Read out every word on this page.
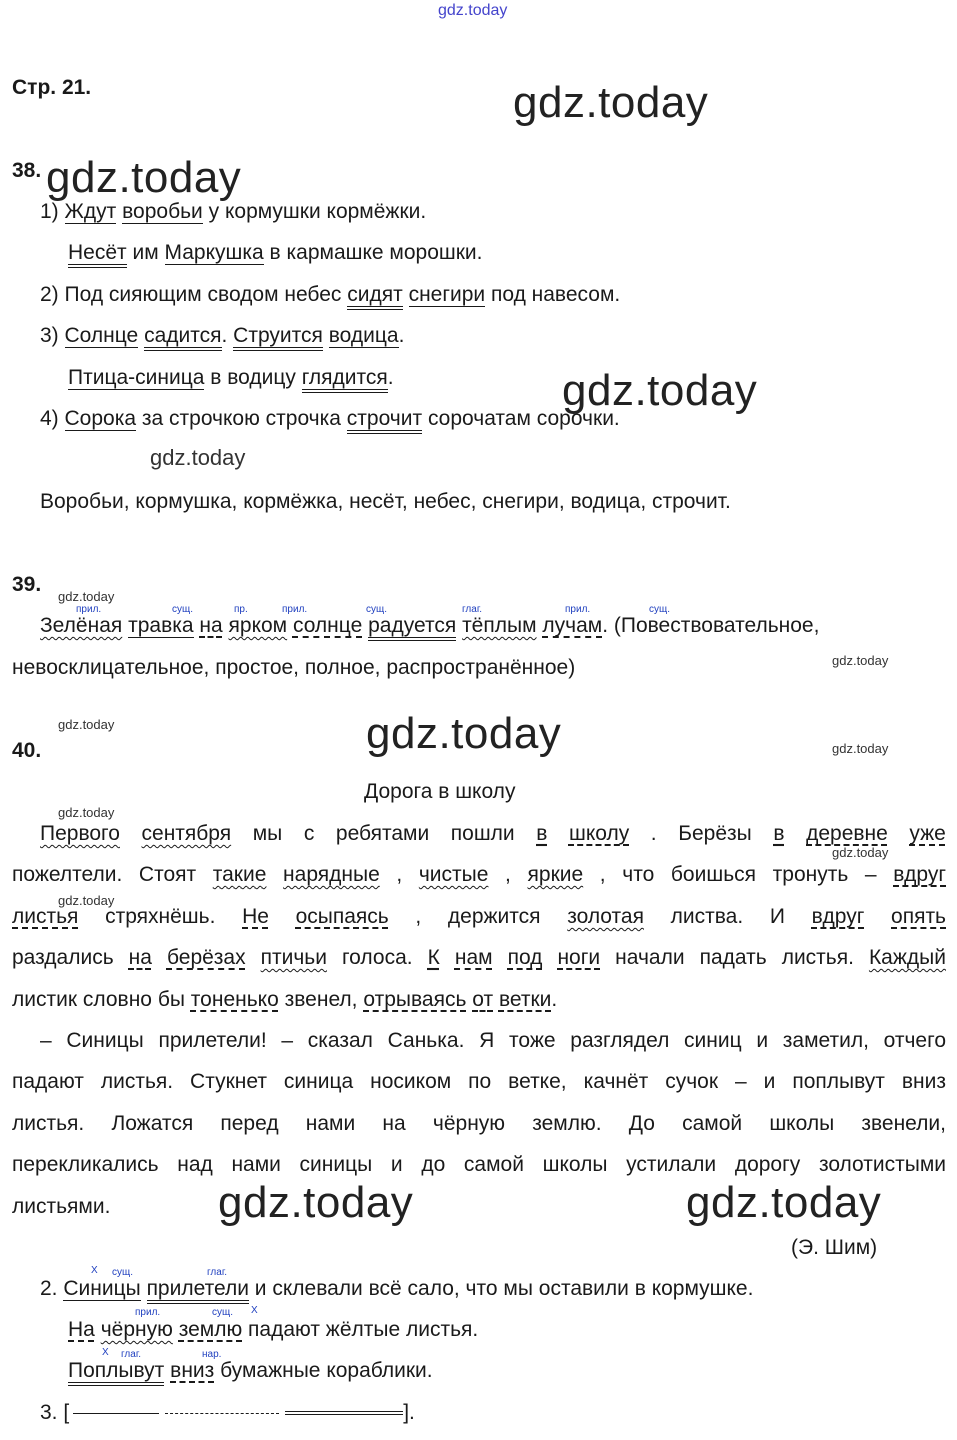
gdz.today
Стр. 21.	gdz.today
gdz.today
gdz.today
gdz.today
gdz.today	gdz.today
gdz.today
gdz.today
gdz.today
gdz.today
gdz.today
gdz.today
gdz.today
gdz.today
38.
1) Ждут воробьи у кормушки кормёжки.
Несёт им Маркушка в кармашке морошки.
2) Под сияющим сводом небес сидят снегири под навесом.
3) Солнце садится. Струится водица.
Птица-синица в водицу глядится.
4) Сорока за строчкою строчка строчит сорочатам сорочки.
Воробьи, кормушка, кормёжка, несёт, небес, снегири, водица, строчит.
39.
прил.	сущ.	пр.	прил.	сущ.	глаг.	прил.	сущ.
Зелёная травка на ярком солнце радуется тёплым лучам. (Повествовательное,
невосклицательное, простое, полное, распространённое)
40.
Дорога в школу
Первого сентября мы с ребятами пошли в школу . Берёзы в деревне уже
пожелтели. Стоят такие нарядные , чистые , яркие , что боишься тронуть – вдруг
листья стряхнёшь. Не осыпаясь , держится золотая листва. И вдруг опять
раздались на берёзах птичьи голоса. К нам под ноги начали падать листья. Каждый
листик словно бы тоненько звенел, отрываясь от ветки.
– Синицы прилетели! – сказал Санька. Я тоже разглядел синиц и заметил, отчего
падают листья. Стукнет синица носиком по ветке, качнёт сучок – и поплывут вниз
листья. Ложатся перед нами на чёрную землю. До самой школы звенели,
перекликались над нами синицы и до самой школы устилали дорогу золотистыми
листьями.
(Э. Шим)
X сущ.	глаг.
2. Синицы прилетели и склевали всё сало, что мы оставили в кормушке.
прил.	сущ. X
На чёрную землю падают жёлтые листья.
X глаг.	нар.
Поплывут вниз бумажные кораблики.
3. [	].
